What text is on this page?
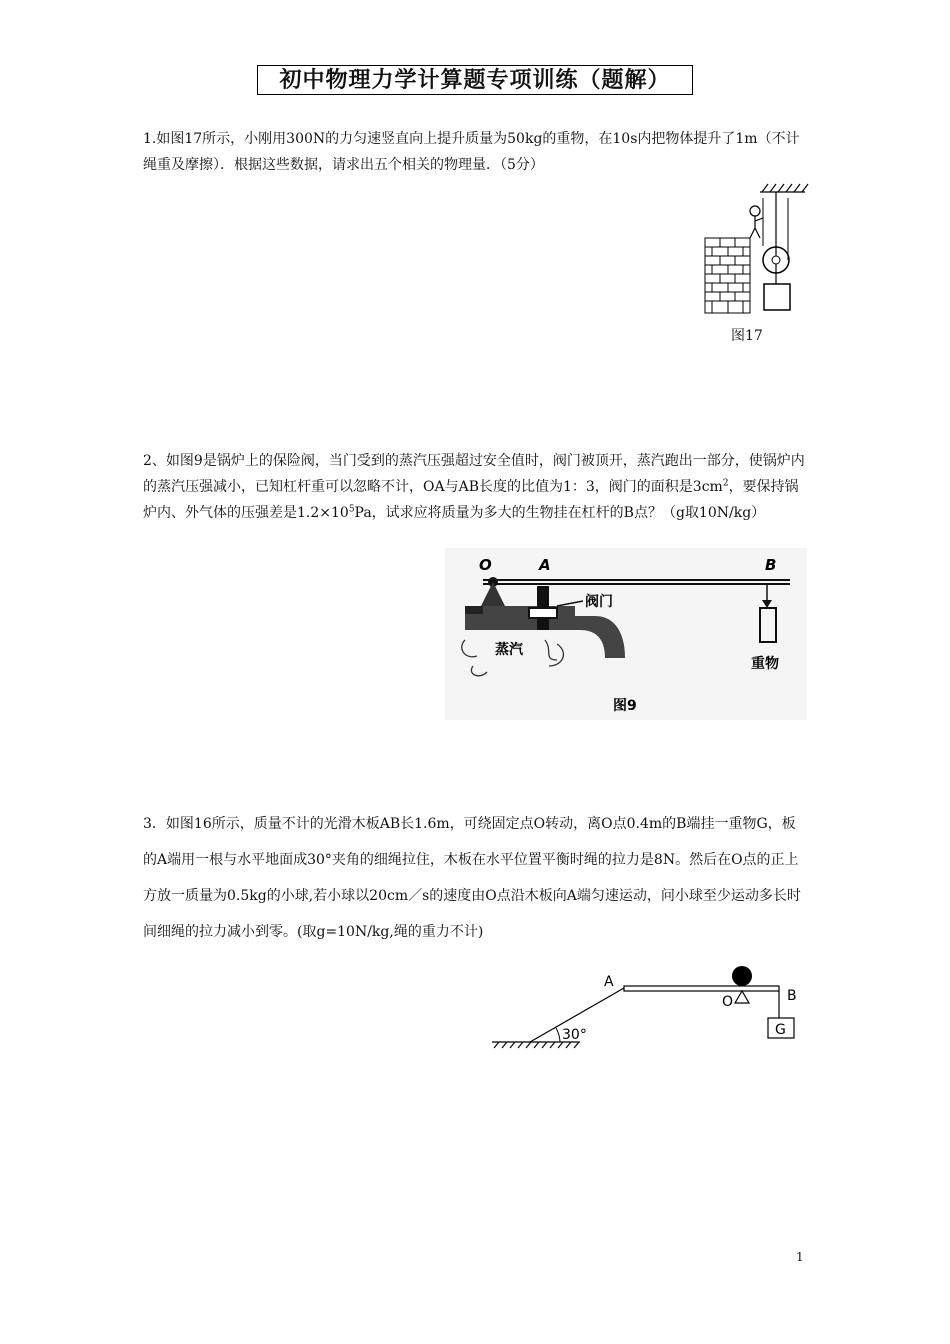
初中物理力学计算题专项训练（题解）

1.如图17所示，小刚用300N的力匀速竖直向上提升质量为50kg的重物，在10s内把物体提升了1m（不计绳重及摩擦）．根据这些数据，请求出五个相关的物理量．（5分）

图17

2、如图9是锅炉上的保险阀，当门受到的蒸汽压强超过安全值时，阀门被顶开，蒸汽跑出一部分，使锅炉内的蒸汽压强减小，已知杠杆重可以忽略不计，OA与AB长度的比值为1：3，阀门的面积是$3cm^2$，要保持锅炉内、外气体的压强差是$1.2\times 10^5Pa$，试求应将质量为多大的生物挂在杠杆的B点？（g取10N/kg）

O	A	B
阀门
蒸汽
重物
图9

3．如图16所示，质量不计的光滑木板AB长1.6m，可绕固定点O转动，离O点0.4m的B端挂一重物G，板的A端用一根与水平地面成30°夹角的细绳拉住，木板在水平位置平衡时绳的拉力是8N。然后在O点的正上方放一质量为0.5kg的小球,若小球以20cm／s的速度由O点沿木板向A端匀速运动，问小球至少运动多长时间细绳的拉力减小到零。(取g=10N/kg,绳的重力不计)

30°	G
A
O	B
1
